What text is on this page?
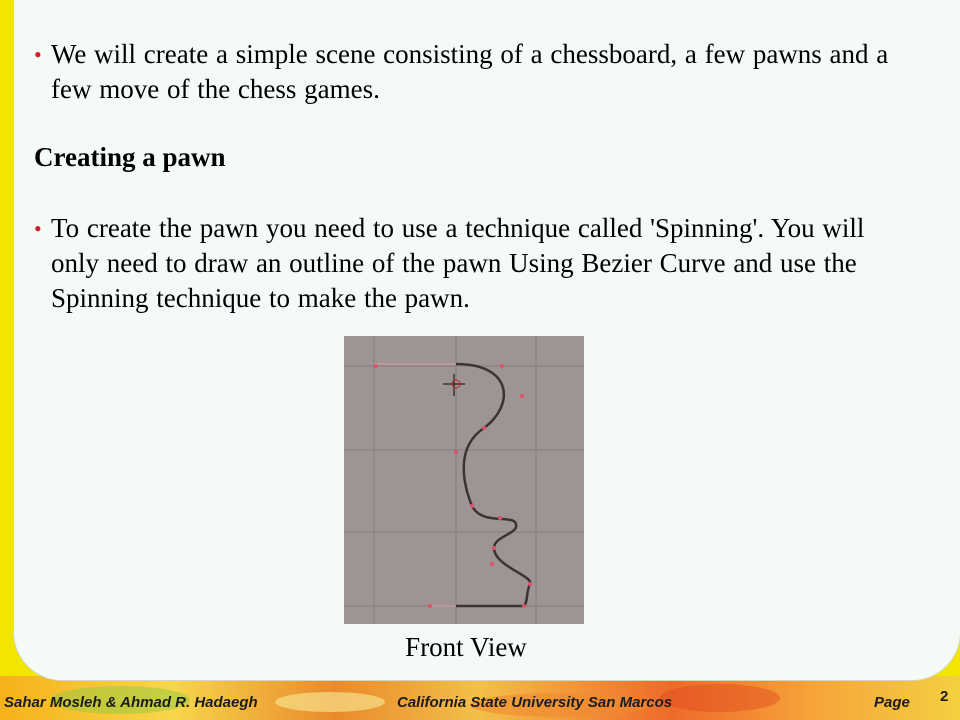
• We will create a simple scene consisting of a chessboard, a few pawns and a few move of the chess games.
Creating a pawn
• To create the pawn you need to use a technique called 'Spinning'. You will only need to draw an outline of the pawn Using Bezier Curve and use the Spinning technique to make the pawn.
Front View
Sahar Mosleh & Ahmad R. Hadaegh	California State University San Marcos	Page 2
